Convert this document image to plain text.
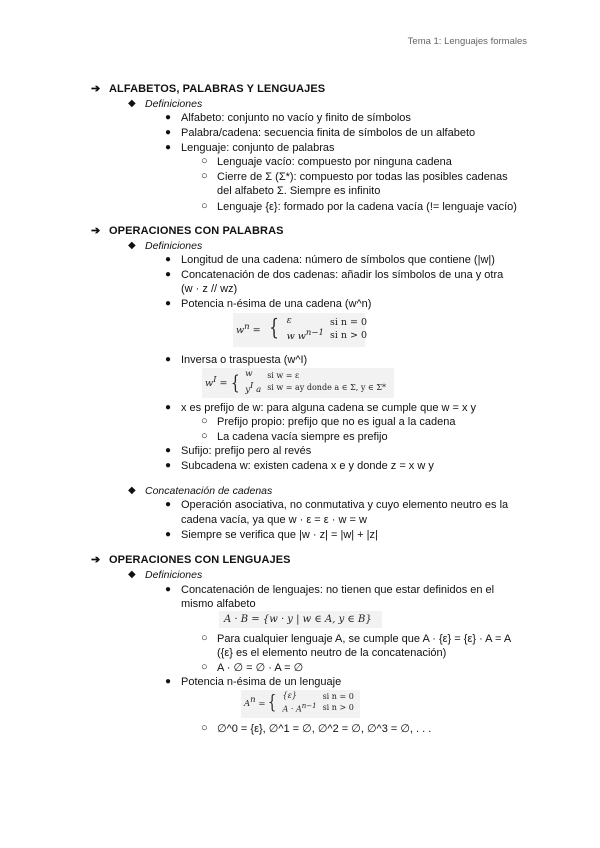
Tema 1: Lenguajes formales
➔ ALFABETOS, PALABRAS Y LENGUAJES
◆ Definiciones
● Alfabeto: conjunto no vacío y finito de símbolos
● Palabra/cadena: secuencia finita de símbolos de un alfabeto
● Lenguaje: conjunto de palabras
○ Lenguaje vacío: compuesto por ninguna cadena
○ Cierre de Σ (Σ*): compuesto por todas las posibles cadenas
del alfabeto Σ. Siempre es infinito
○ Lenguaje {ε}: formado por la cadena vacía (!= lenguaje vacío)
➔ OPERACIONES CON PALABRAS
◆ Definiciones
● Longitud de una cadena: número de símbolos que contiene (|w|)
● Concatenación de dos cadenas: añadir los símbolos de una y otra
(w · z // wz)
● Potencia n-ésima de una cadena (w^n)
$w^n$ =	{	ε
w $w^{n-1}$

si n = 0
si n > 0
● Inversa o traspuesta (w^I)
$w^I$ =	{	w
$y^I$ a

si w = ε
si w = ay donde a ∈ Σ, y ∈ Σ*
● x es prefijo de w: para alguna cadena se cumple que w = x y
○ Prefijo propio: prefijo que no es igual a la cadena
○ La cadena vacía siempre es prefijo
● Sufijo: prefijo pero al revés
● Subcadena w: existen cadena x e y donde z = x w y
◆ Concatenación de cadenas
● Operación asociativa, no conmutativa y cuyo elemento neutro es la
cadena vacía, ya que w · ε = ε · w = w
● Siempre se verifica que |w · z| = |w| + |z|
➔ OPERACIONES CON LENGUAJES
◆ Definiciones
● Concatenación de lenguajes: no tienen que estar definidos en el
mismo alfabeto
A · B = {w · y | w ∈ A, y ∈ B}
○ Para cualquier lenguaje A, se cumple que A · {ε} = {ε} · A = A
({ε} es el elemento neutro de la concatenación)
○ A · ∅ = ∅ · A = ∅
● Potencia n-ésima de un lenguaje
$A^n$ =	{	{ε}
$A \cdot A^{n-1}$

si n = 0
si n > 0
○ ∅^0 = {ε}, ∅^1 = ∅, ∅^2 = ∅, ∅^3 = ∅, . . .
